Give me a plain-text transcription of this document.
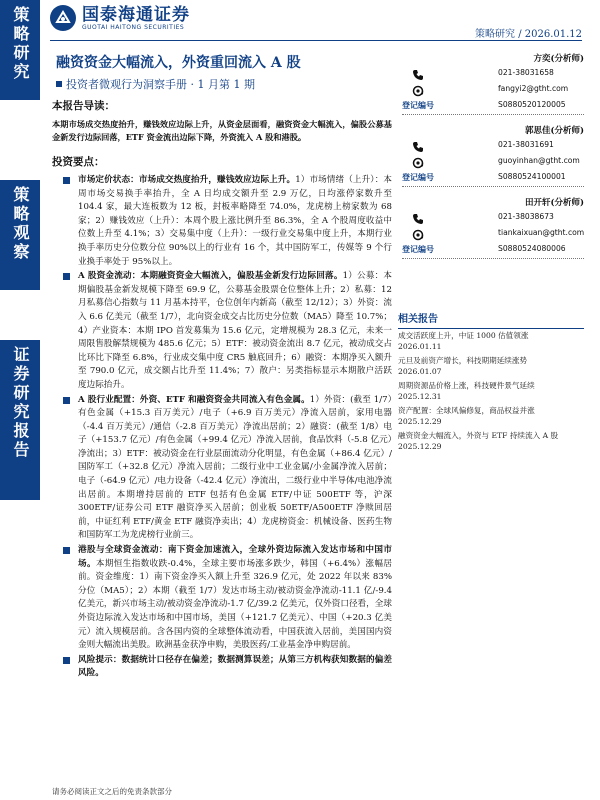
策略研究
策略观察
证券研究报告
国泰海通证券
GUOTAI HAITONG SECURITIES
策略研究 / 2026.01.12
融资资金大幅流入，外资重回流入 A 股
投资者微观行为洞察手册 · 1 月第 1 期
本报告导读：
本期市场成交热度抬升，赚钱效应边际上升，从资金层面看，融资资金大幅流入，偏股公募基金新发行边际回落，ETF 资金流出边际下降，外资流入 A 股和港股。
投资要点：
市场定价状态：市场成交热度抬升，赚钱效应边际上升。1）市场情绪（上升）：本周市场交易换手率抬升，全 A 日均成交额升至 2.9 万亿，日均涨停家数升至 104.4 家，最大连板数为 12 板，封板率略降至 74.0%，龙虎榜上榜家数为 68 家；2）赚钱效应（上升）：本周个股上涨比例升至 86.3%，全 A 个股周度收益中位数上升至 4.1%；3）交易集中度（上升）：一级行业交易集中度上升，本期行业换手率历史分位数分位 90%以上的行业有 16 个，其中国防军工，传媒等 9 个行业换手率处于 95%以上。
A 股资金流动：本期融资资金大幅流入，偏股基金新发行边际回落。1）公募：本期偏股基金新发规模下降至 69.9 亿，公募基金股票仓位整体上升；2）私募：12 月私募信心指数与 11 月基本持平，仓位创年内新高（截至 12/12）；3）外资：流入 6.6 亿美元（截至 1/7），北向资金成交占比历史分位数（MA5）降至 10.7%；4）产业资本：本期 IPO 首发募集为 15.6 亿元，定增规模为 28.3 亿元，未来一周限售股解禁规模为 485.6 亿元；5）ETF：被动资金流出 8.7 亿元，被动成交占比环比下降至 6.8%，行业成交集中度 CR5 触底回升；6）融资：本期净买入额升至 790.0 亿元，成交额占比升至 11.4%；7）散户：另类指标显示本期散户活跃度边际抬升。
A 股行业配置：外资、ETF 和融资资金共同流入有色金属。1）外资：(截至 1/7）有色金属（+15.3 百万美元）/电子（+6.9 百万美元）净流入居前，家用电器（-4.4 百万美元）/通信（-2.8 百万美元）净流出居前；2）融资：(截至 1/8）电子（+153.7 亿元）/有色金属（+99.4 亿元）净流入居前，食品饮料（-5.8 亿元）净流出；3）ETF：被动资金在行业层面流动分化明显，有色金属（+86.4 亿元）/国防军工（+32.8 亿元）净流入居前；二级行业中工业金属/小金属净流入居前；电子（-64.9 亿元）/电力设备（-42.4 亿元）净流出，二级行业中半导体/电池净流出居前。本期增持居前的 ETF 包括有色金属 ETF/中证 500ETF 等，沪深 300ETF/证券公司 ETF 融资净买入居前；创业板 50ETF/A500ETF 净赎回居前，中证红利 ETF/黄金 ETF 融资净卖出；4）龙虎榜资金：机械设备、医药生物和国防军工为龙虎榜行业前三。
港股与全球资金流动：南下资金加速流入，全球外资边际流入发达市场和中国市场。本期恒生指数收跌-0.4%，全球主要市场涨多跌少，韩国（+6.4%）涨幅居前。资金维度：1）南下资金净买入额上升至 326.9 亿元，处 2022 年以来 83%分位（MA5）；2）本期（截至 1/7）发达市场主动/被动资金净流动-11.1 亿/-9.4 亿美元，新兴市场主动/被动资金净流动-1.7 亿/39.2 亿美元，仅外资口径看，全球外资边际流入发达市场和中国市场，美国（+121.7 亿美元）、中国（+20.3 亿美元）流入规模居前。含各国内资的全球整体流动看，中国获流入居前，美国国内资金则大幅流出美股。欧洲基金获净申购，美股医药/工业基金净申购居前。
风险提示：数据统计口径存在偏差；数据测算误差；从第三方机构获知数据的偏差风险。
方奕(分析师)
021-38031658
fangyi2@gtht.com
登记编号	S0880520120005
郭思佳(分析师)
021-38031691
guoyinhan@gtht.com
登记编号	S0880524100001
田开轩(分析师)
021-38038673
tiankaixuan@gtht.com
登记编号	S0880524080006
相关报告
成交活跃度上升，中证 1000 估值领涨
2026.01.11
元旦及前资产增长，科技期期延续涨势
2026.01.07
周期资源品价格上涨，科技硬件景气延续
2025.12.31
资产配置：全球风偏修复，商品权益并涨
2025.12.29
融资资金大幅流入，外资与 ETF 持续流入 A 股
2025.12.29
请务必阅读正文之后的免责条款部分
